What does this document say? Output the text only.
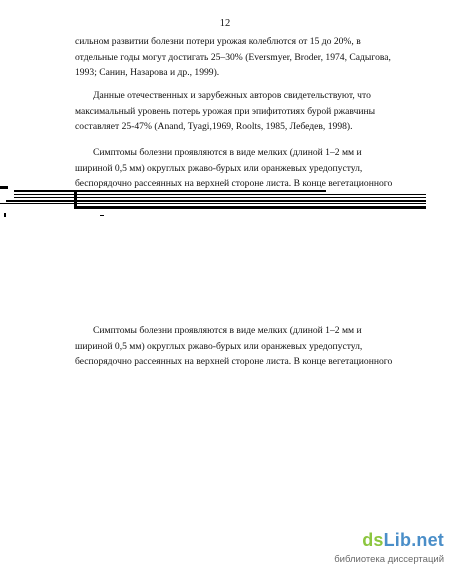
12

сильном развитии болезни потери урожая колеблются от 15 до 20%, в
отдельные годы могут достигать 25–30% (Eversmyer, Broder, 1974, Садыгова,
1993; Санин, Назарова и др., 1999).

Данные отечественных и зарубежных авторов свидетельствуют, что
максимальный уровень потерь урожая при эпифитотиях бурой ржавчины
составляет 25-47% (Anand, Tyagi,1969, Roolts, 1985, Лебедев, 1998).

Симптомы болезни проявляются в виде мелких (длиной 1–2 мм и
шириной 0,5 мм) округлых ржаво-бурых или оранжевых уредопустул,
беспорядочно рассеянных на верхней стороне листа. В конце вегетационного

Симптомы болезни проявляются в виде мелких (длиной 1–2 мм и
шириной 0,5 мм) округлых ржаво-бурых или оранжевых уредопустул,
беспорядочно рассеянных на верхней стороне листа. В конце вегетационного

dsLib.net
библиотека диссертаций
